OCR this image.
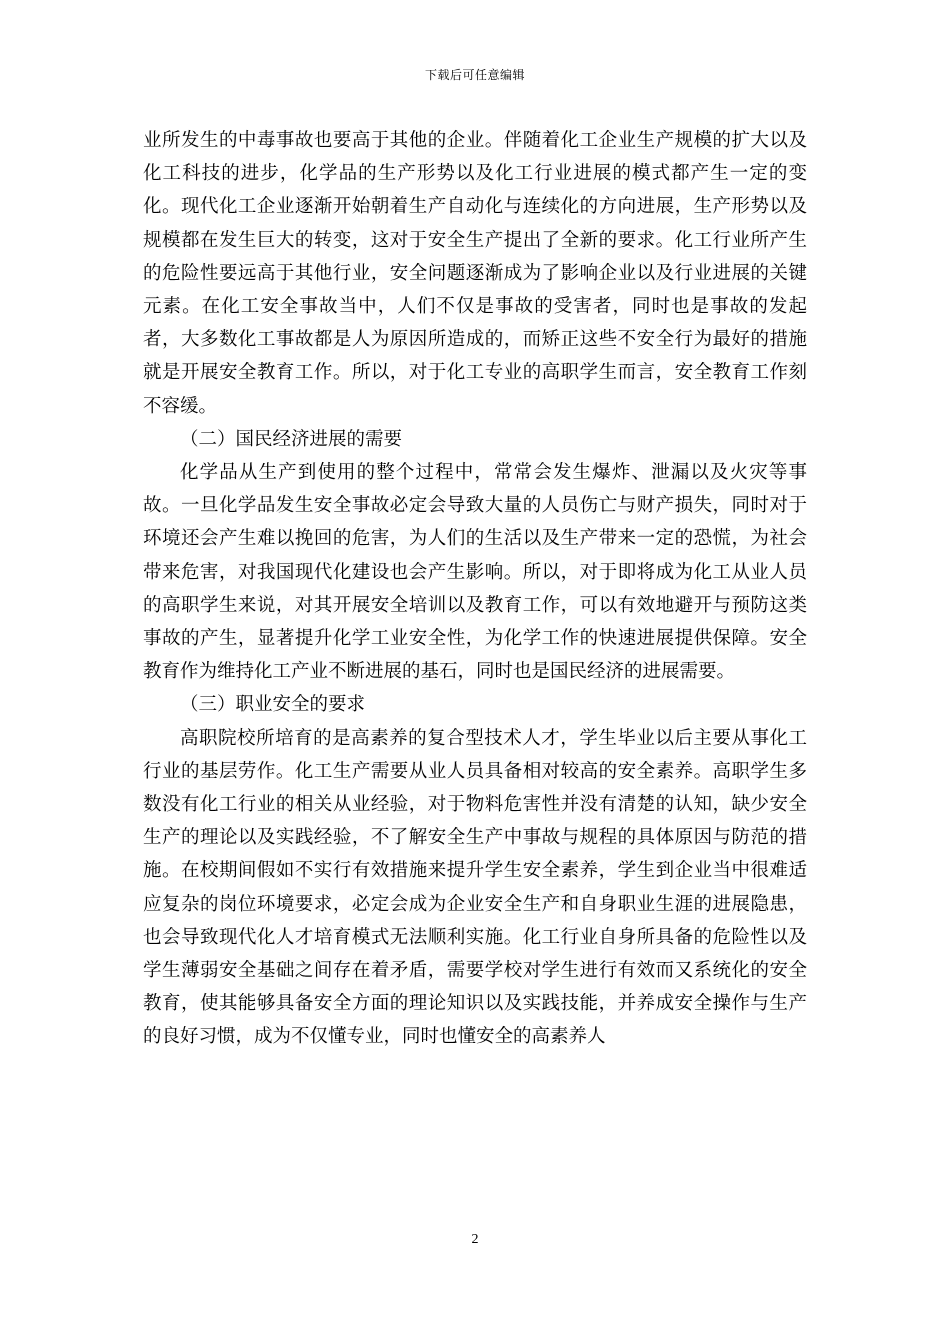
下载后可任意编辑

业所发生的中毒事故也要高于其他的企业。伴随着化工企业生产规模的扩大以及化工科技的进步，化学品的生产形势以及化工行业进展的模式都产生一定的变化。现代化工企业逐渐开始朝着生产自动化与连续化的方向进展，生产形势以及规模都在发生巨大的转变，这对于安全生产提出了全新的要求。化工行业所产生的危险性要远高于其他行业，安全问题逐渐成为了影响企业以及行业进展的关键元素。在化工安全事故当中，人们不仅是事故的受害者，同时也是事故的发起者，大多数化工事故都是人为原因所造成的，而矫正这些不安全行为最好的措施就是开展安全教育工作。所以，对于化工专业的高职学生而言，安全教育工作刻不容缓。

（二）国民经济进展的需要

化学品从生产到使用的整个过程中，常常会发生爆炸、泄漏以及火灾等事故。一旦化学品发生安全事故必定会导致大量的人员伤亡与财产损失，同时对于环境还会产生难以挽回的危害，为人们的生活以及生产带来一定的恐慌，为社会带来危害，对我国现代化建设也会产生影响。所以，对于即将成为化工从业人员的高职学生来说，对其开展安全培训以及教育工作，可以有效地避开与预防这类事故的产生，显著提升化学工业安全性，为化学工作的快速进展提供保障。安全教育作为维持化工产业不断进展的基石，同时也是国民经济的进展需要。

（三）职业安全的要求

高职院校所培育的是高素养的复合型技术人才，学生毕业以后主要从事化工行业的基层劳作。化工生产需要从业人员具备相对较高的安全素养。高职学生多数没有化工行业的相关从业经验，对于物料危害性并没有清楚的认知，缺少安全生产的理论以及实践经验，不了解安全生产中事故与规程的具体原因与防范的措施。在校期间假如不实行有效措施来提升学生安全素养，学生到企业当中很难适应复杂的岗位环境要求，必定会成为企业安全生产和自身职业生涯的进展隐患，也会导致现代化人才培育模式无法顺利实施。化工行业自身所具备的危险性以及学生薄弱安全基础之间存在着矛盾，需要学校对学生进行有效而又系统化的安全教育，使其能够具备安全方面的理论知识以及实践技能，并养成安全操作与生产的良好习惯，成为不仅懂专业，同时也懂安全的高素养人

2
